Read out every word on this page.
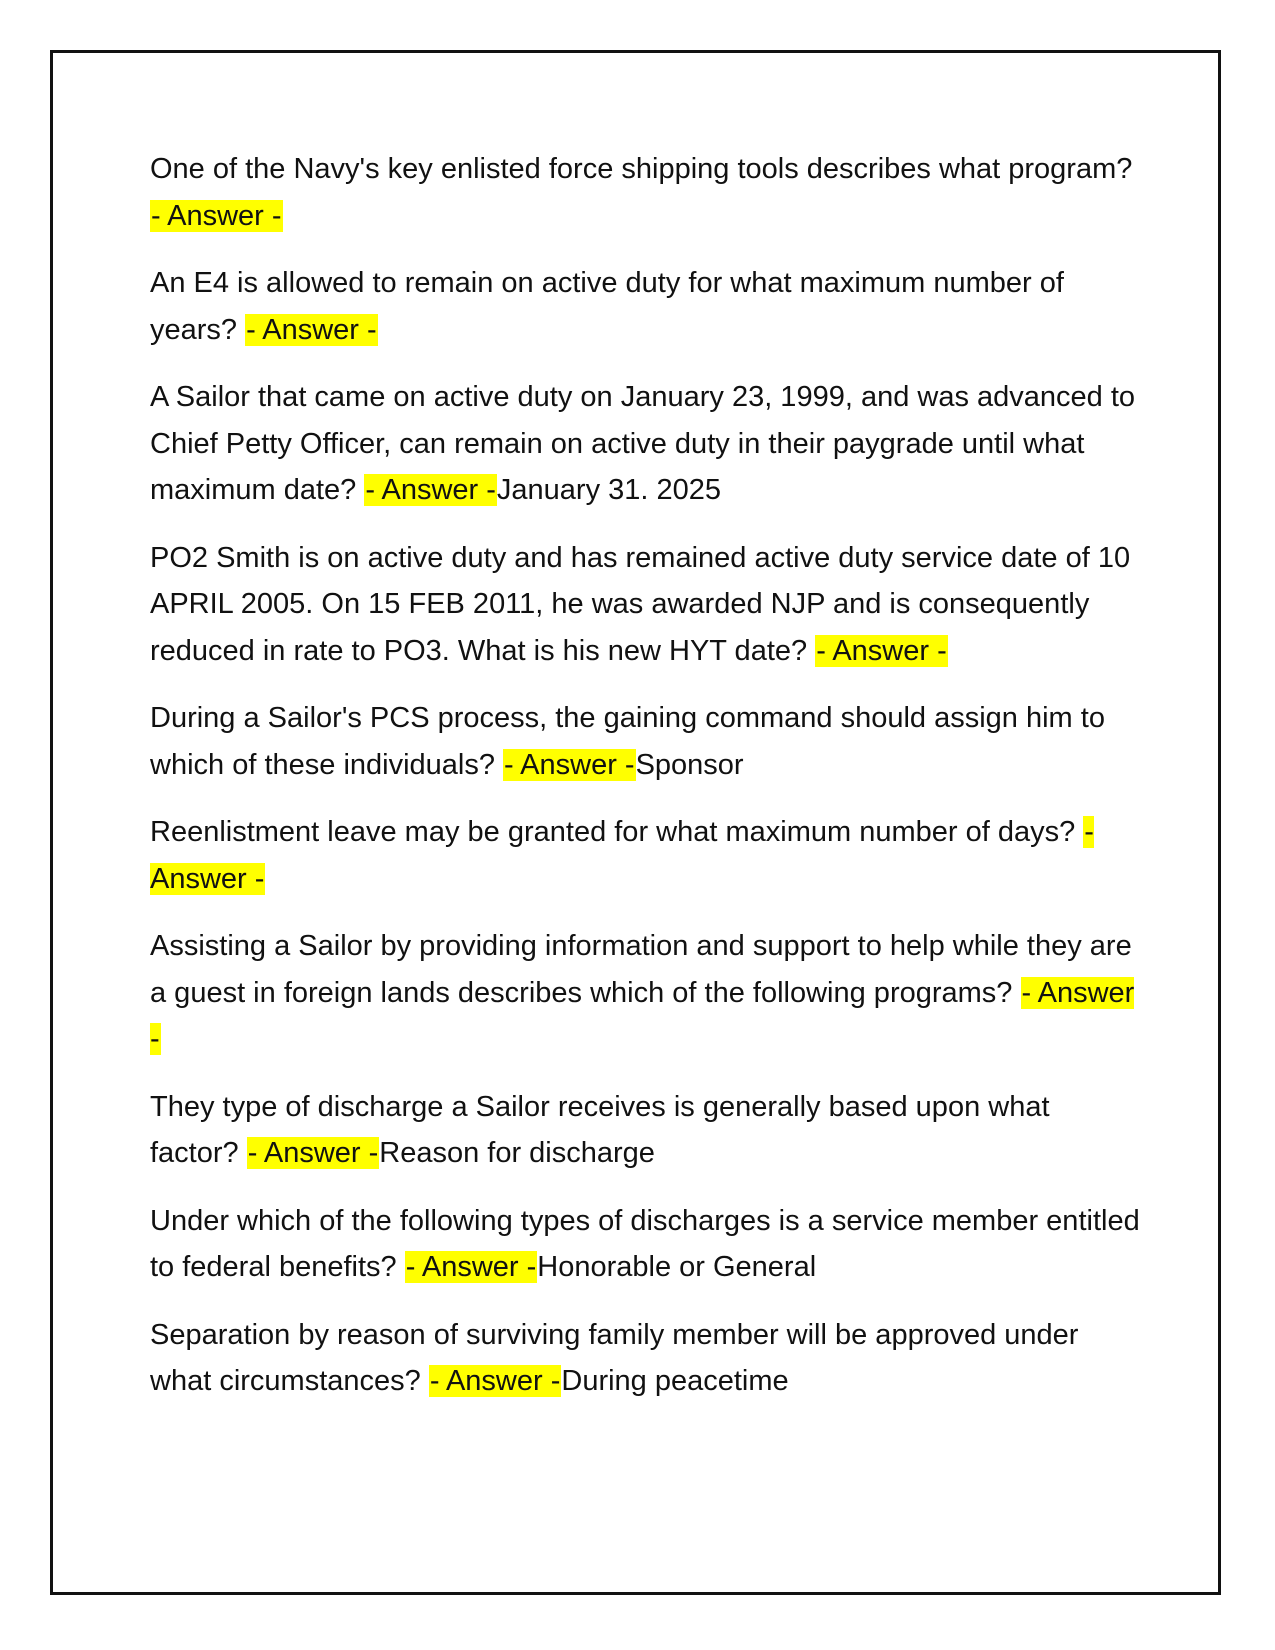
One of the Navy's key enlisted force shipping tools describes what program? - Answer -

An E4 is allowed to remain on active duty for what maximum number of years? - Answer -

A Sailor that came on active duty on January 23, 1999, and was advanced to Chief Petty Officer, can remain on active duty in their paygrade until what maximum date? - Answer -January 31. 2025

PO2 Smith is on active duty and has remained active duty service date of 10 APRIL 2005. On 15 FEB 2011, he was awarded NJP and is consequently reduced in rate to PO3. What is his new HYT date? - Answer -

During a Sailor's PCS process, the gaining command should assign him to which of these individuals? - Answer -Sponsor

Reenlistment leave may be granted for what maximum number of days? - Answer -

Assisting a Sailor by providing information and support to help while they are a guest in foreign lands describes which of the following programs? - Answer -

They type of discharge a Sailor receives is generally based upon what factor? - Answer -Reason for discharge

Under which of the following types of discharges is a service member entitled to federal benefits? - Answer -Honorable or General

Separation by reason of surviving family member will be approved under what circumstances? - Answer -During peacetime
